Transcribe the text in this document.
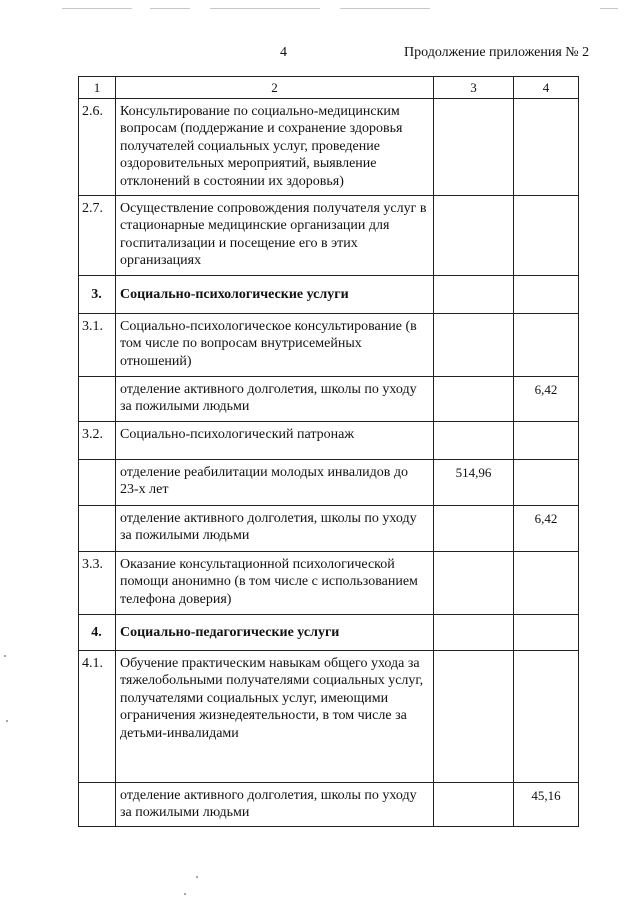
4	Продолжение приложения № 2
1	2	3	4
2.6.	Консультирование по социально-медицинским вопросам (поддержание и сохранение здоровья получателей социальных услуг, проведение оздоровительных мероприятий, выявление отклонений в состоянии их здоровья)		
2.7.	Осуществление сопровождения получателя услуг в стационарные медицинские организации для госпитализации и посещение его в этих организациях		
3.	Социально-психологические услуги		
3.1.	Социально-психологическое консультирование (в том числе по вопросам внутрисемейных отношений)		
	отделение активного долголетия, школы по уходу за пожилыми людьми		6,42
3.2.	Социально-психологический патронаж		
	отделение реабилитации молодых инвалидов до 23-х лет	514,96	
	отделение активного долголетия, школы по уходу за пожилыми людьми		6,42
3.3.	Оказание консультационной психологической помощи анонимно (в том числе с использованием телефона доверия)		
4.	Социально-педагогические услуги		
4.1.	Обучение практическим навыкам общего ухода за тяжелобольными получателями социальных услуг, получателями социальных услуг, имеющими ограничения жизнедеятельности, в том числе за детьми-инвалидами		
	отделение активного долголетия, школы по уходу за пожилыми людьми		45,16
